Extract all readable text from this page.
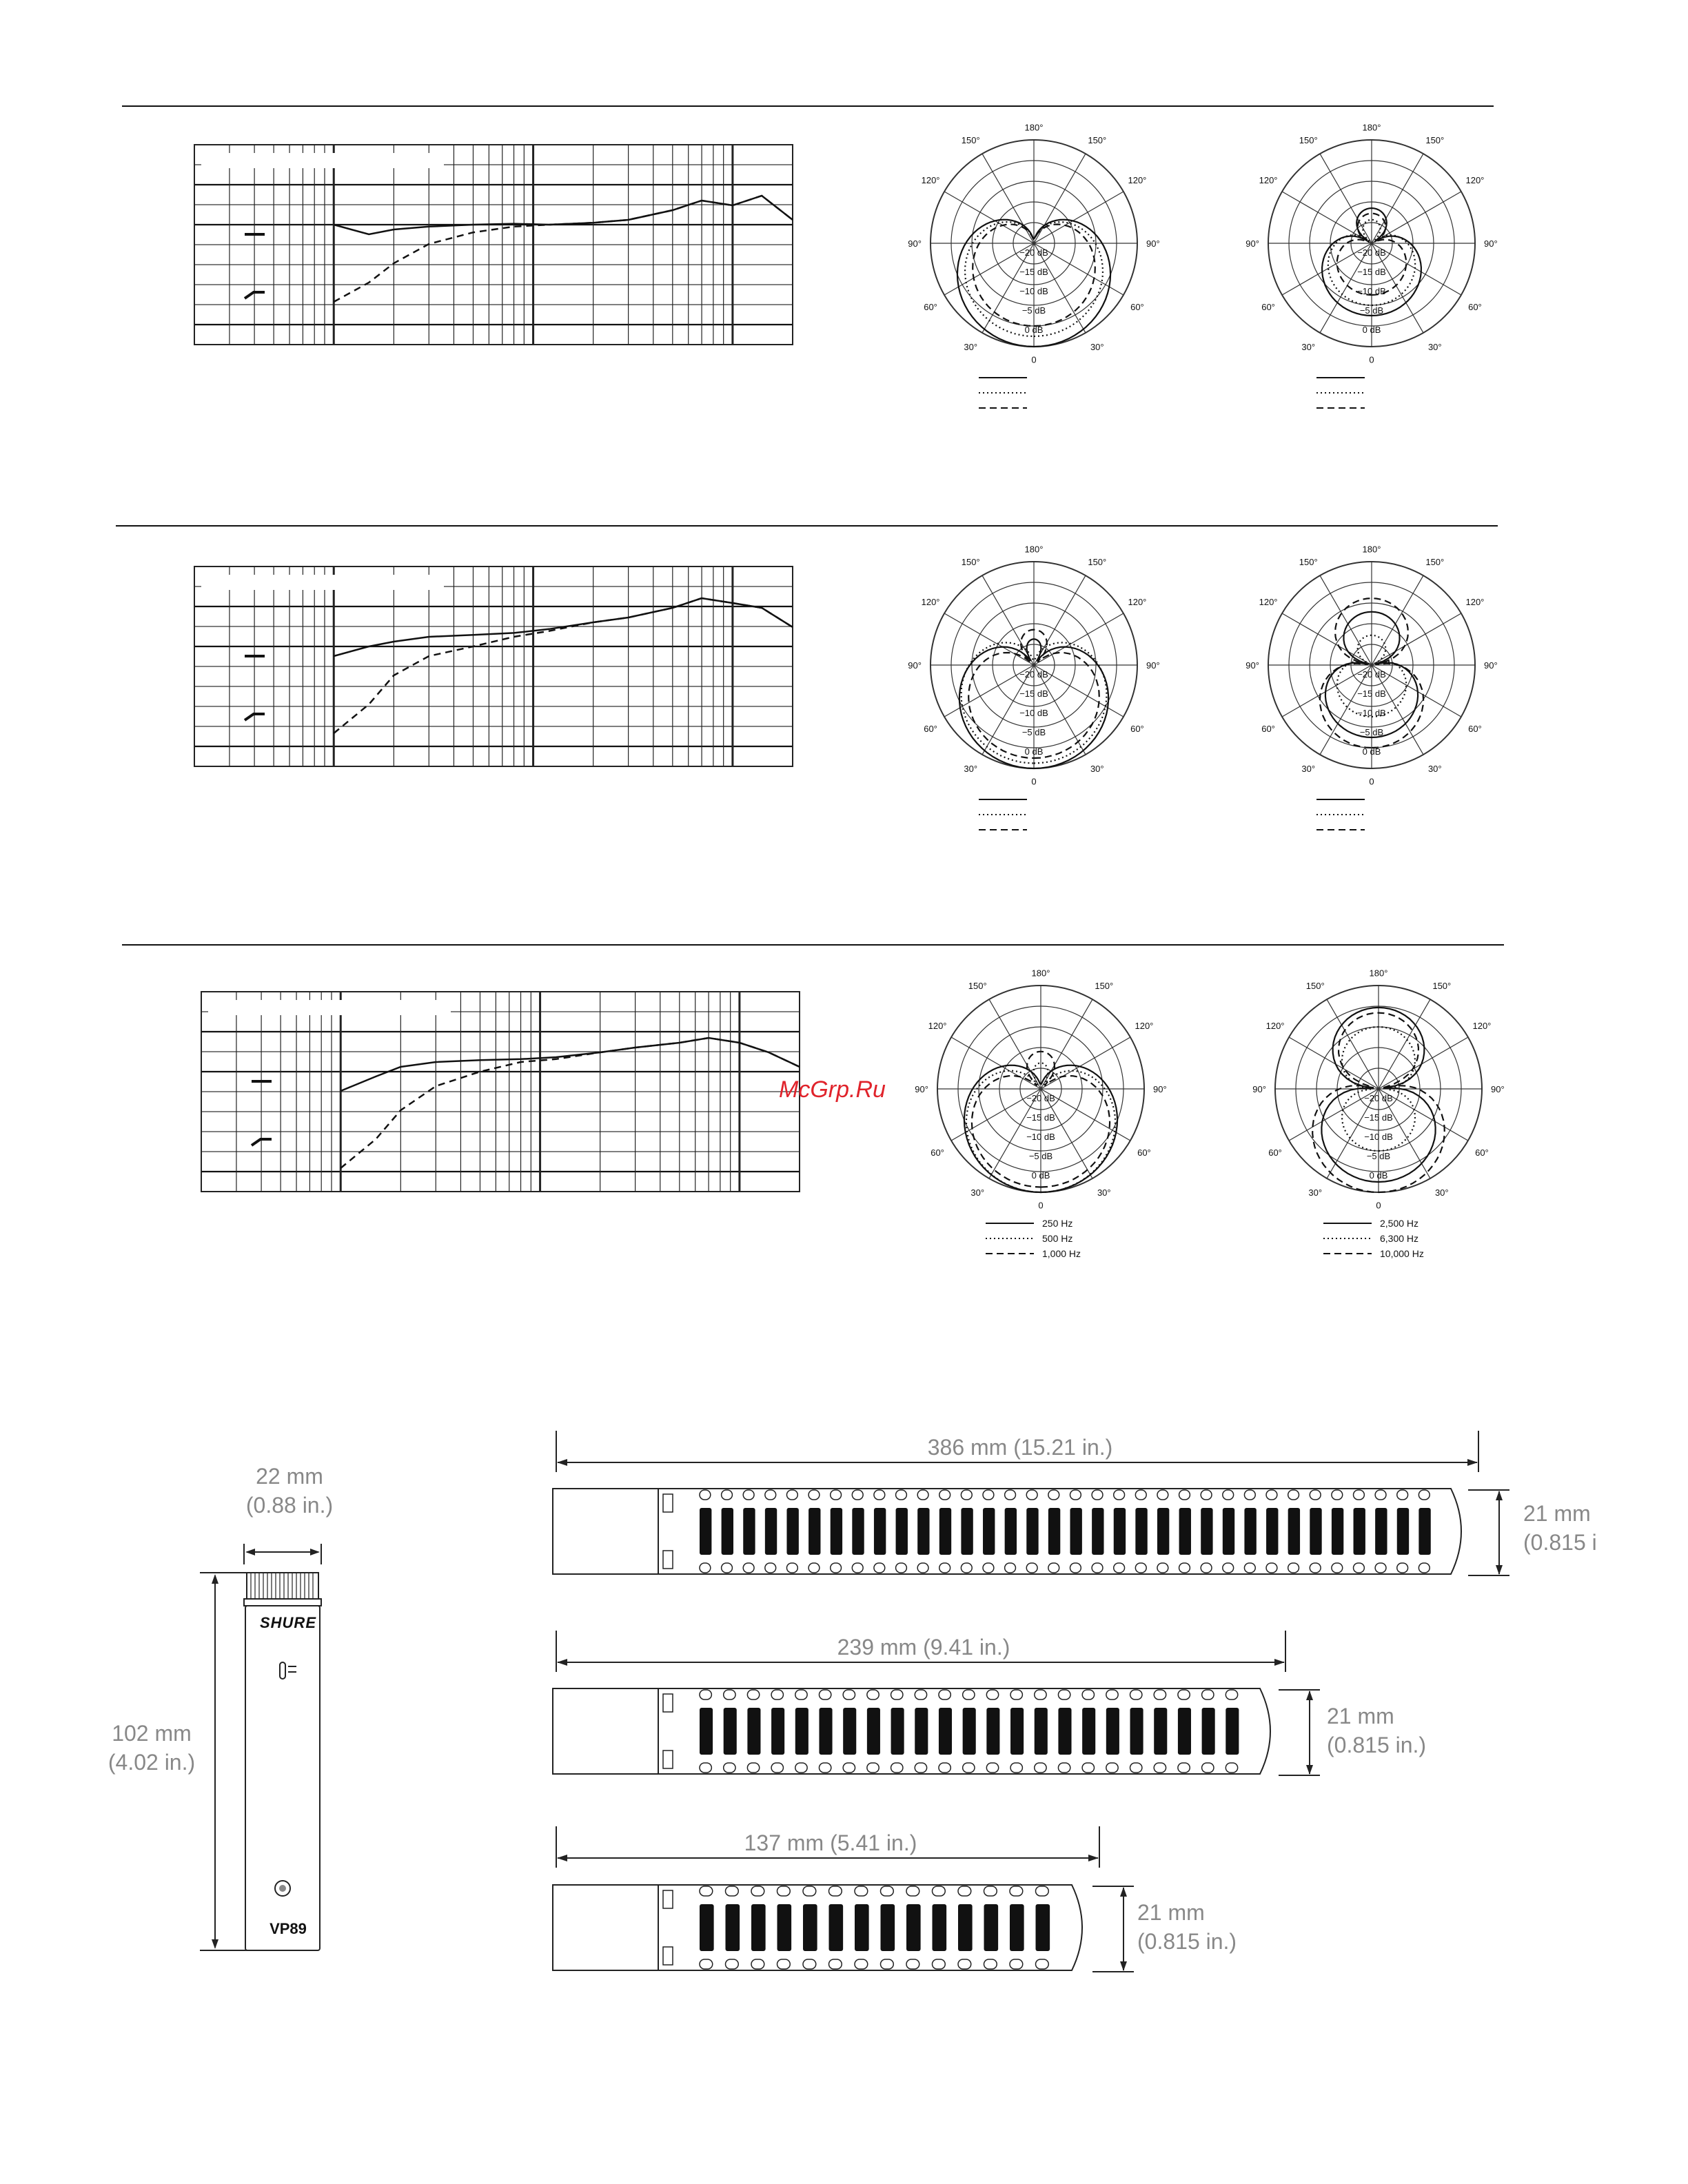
180°
150°	150°
120°	120°
90°	90°
60°	60°
30°	30°
0
−20 dB
−15 dB
−10 dB
−5 dB
0 dB
180°
150°	150°
120°	120°
90°	90°
60°	60°
30°	30°
0
−20 dB
−15 dB
−10 dB
−5 dB
0 dB
180°
150°	150°
120°	120°
90°	90°
60°	60°
30°	30°
0
−20 dB
−15 dB
−10 dB
−5 dB
0 dB
180°
150°	150°
120°	120°
90°	90°
60°	60°
30°	30°
0
−20 dB
−15 dB
−10 dB
−5 dB
0 dB
180°
150°	150°
120°	120°
90°	90°
60°	60°
30°	30°
0
−20 dB
−15 dB
−10 dB
−5 dB
0 dB
250 Hz
500 Hz
1,000 Hz
180°
150°	150°
120°	120°
90°	90°
60°	60°
30°	30°
0
−20 dB
−15 dB
−10 dB
−5 dB
0 dB
2,500 Hz
6,300 Hz
10,000 Hz
McGrp.Ru
SHURE
VP89
22 mm
(0.88 in.)
102 mm
(4.02 in.)
386 mm (15.21 in.)
21 mm
(0.815 i
239 mm (9.41 in.)
21 mm
(0.815 in.)
137 mm (5.41 in.)
21 mm
(0.815 in.)
